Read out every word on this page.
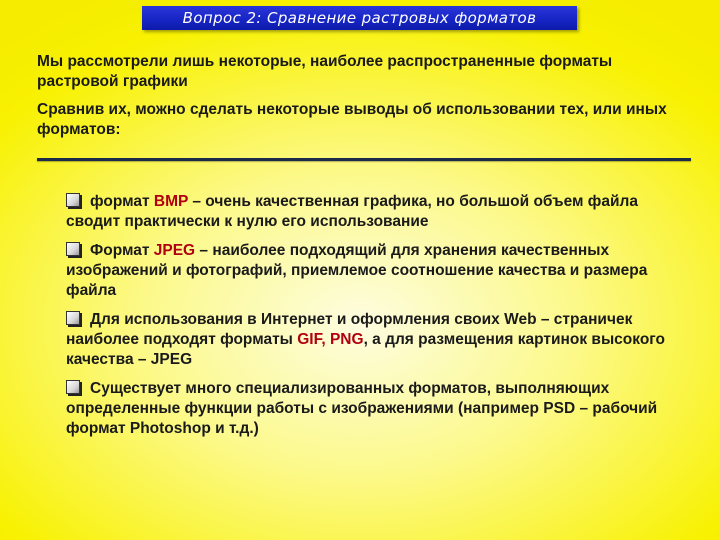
Вопрос 2: Сравнение растровых форматов

Мы рассмотрели лишь некоторые, наиболее распространенные форматы растровой графики

Сравнив их, можно сделать некоторые выводы об использовании тех, или иных форматов:

формат BMP – очень качественная графика, но большой объем файла сводит практически к нулю его использование
Формат JPEG – наиболее подходящий для хранения качественных изображений и фотографий, приемлемое соотношение качества и размера файла
Для использования в Интернет и оформления своих Web – страничек наиболее подходят форматы GIF, PNG, а для размещения картинок высокого качества – JPEG
Существует много специализированных форматов, выполняющих определенные функции работы с изображениями (например PSD – рабочий формат Photoshop и т.д.)
